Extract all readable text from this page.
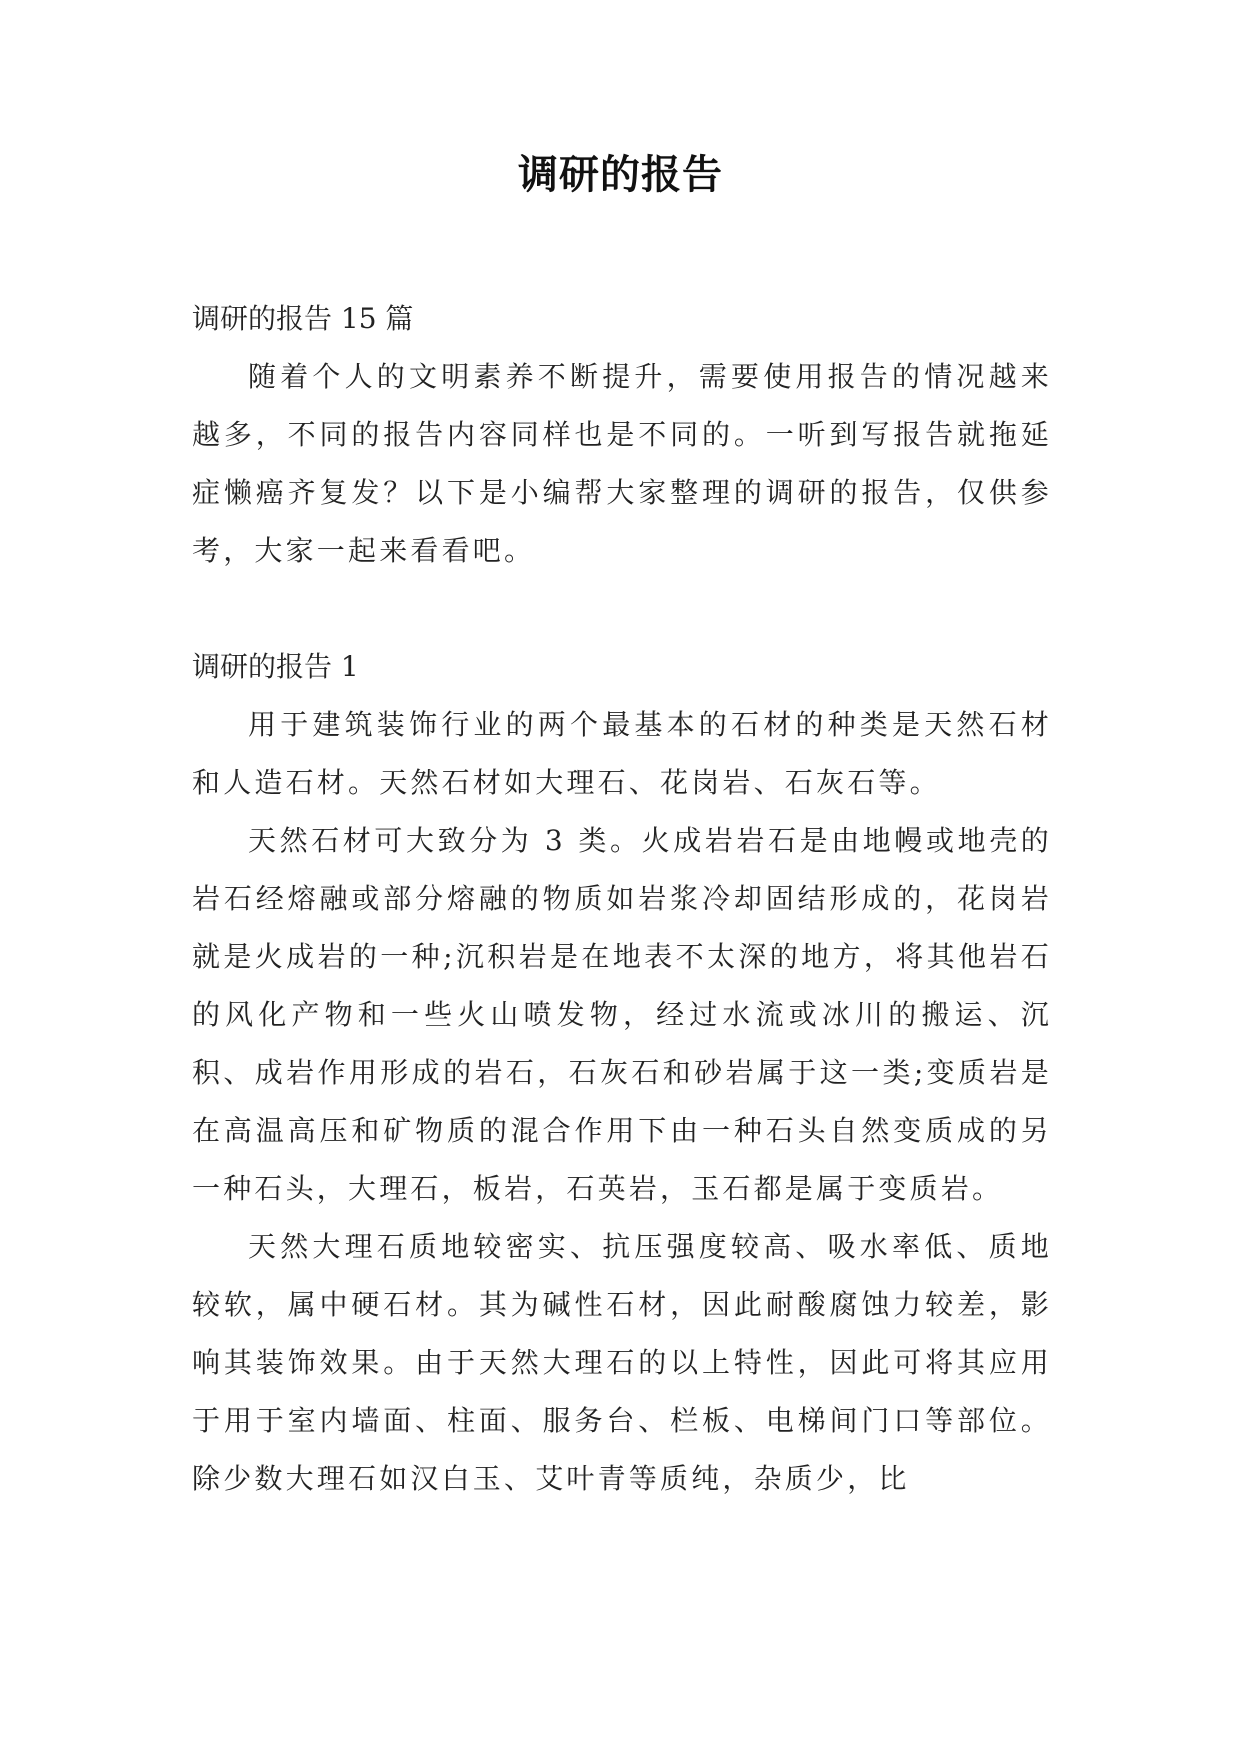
调研的报告

调研的报告 15 篇

随着个人的文明素养不断提升，需要使用报告的情况越来越多，不同的报告内容同样也是不同的。一听到写报告就拖延症懒癌齐复发？以下是小编帮大家整理的调研的报告，仅供参考，大家一起来看看吧。

调研的报告 1

用于建筑装饰行业的两个最基本的石材的种类是天然石材和人造石材。天然石材如大理石、花岗岩、石灰石等。

天然石材可大致分为 3 类。火成岩岩石是由地幔或地壳的岩石经熔融或部分熔融的物质如岩浆冷却固结形成的，花岗岩就是火成岩的一种;沉积岩是在地表不太深的地方，将其他岩石的风化产物和一些火山喷发物，经过水流或冰川的搬运、沉积、成岩作用形成的岩石，石灰石和砂岩属于这一类;变质岩是在高温高压和矿物质的混合作用下由一种石头自然变质成的另一种石头，大理石，板岩，石英岩，玉石都是属于变质岩。

天然大理石质地较密实、抗压强度较高、吸水率低、质地较软，属中硬石材。其为碱性石材，因此耐酸腐蚀力较差，影响其装饰效果。由于天然大理石的以上特性，因此可将其应用于用于室内墙面、柱面、服务台、栏板、电梯间门口等部位。除少数大理石如汉白玉、艾叶青等质纯，杂质少，比
